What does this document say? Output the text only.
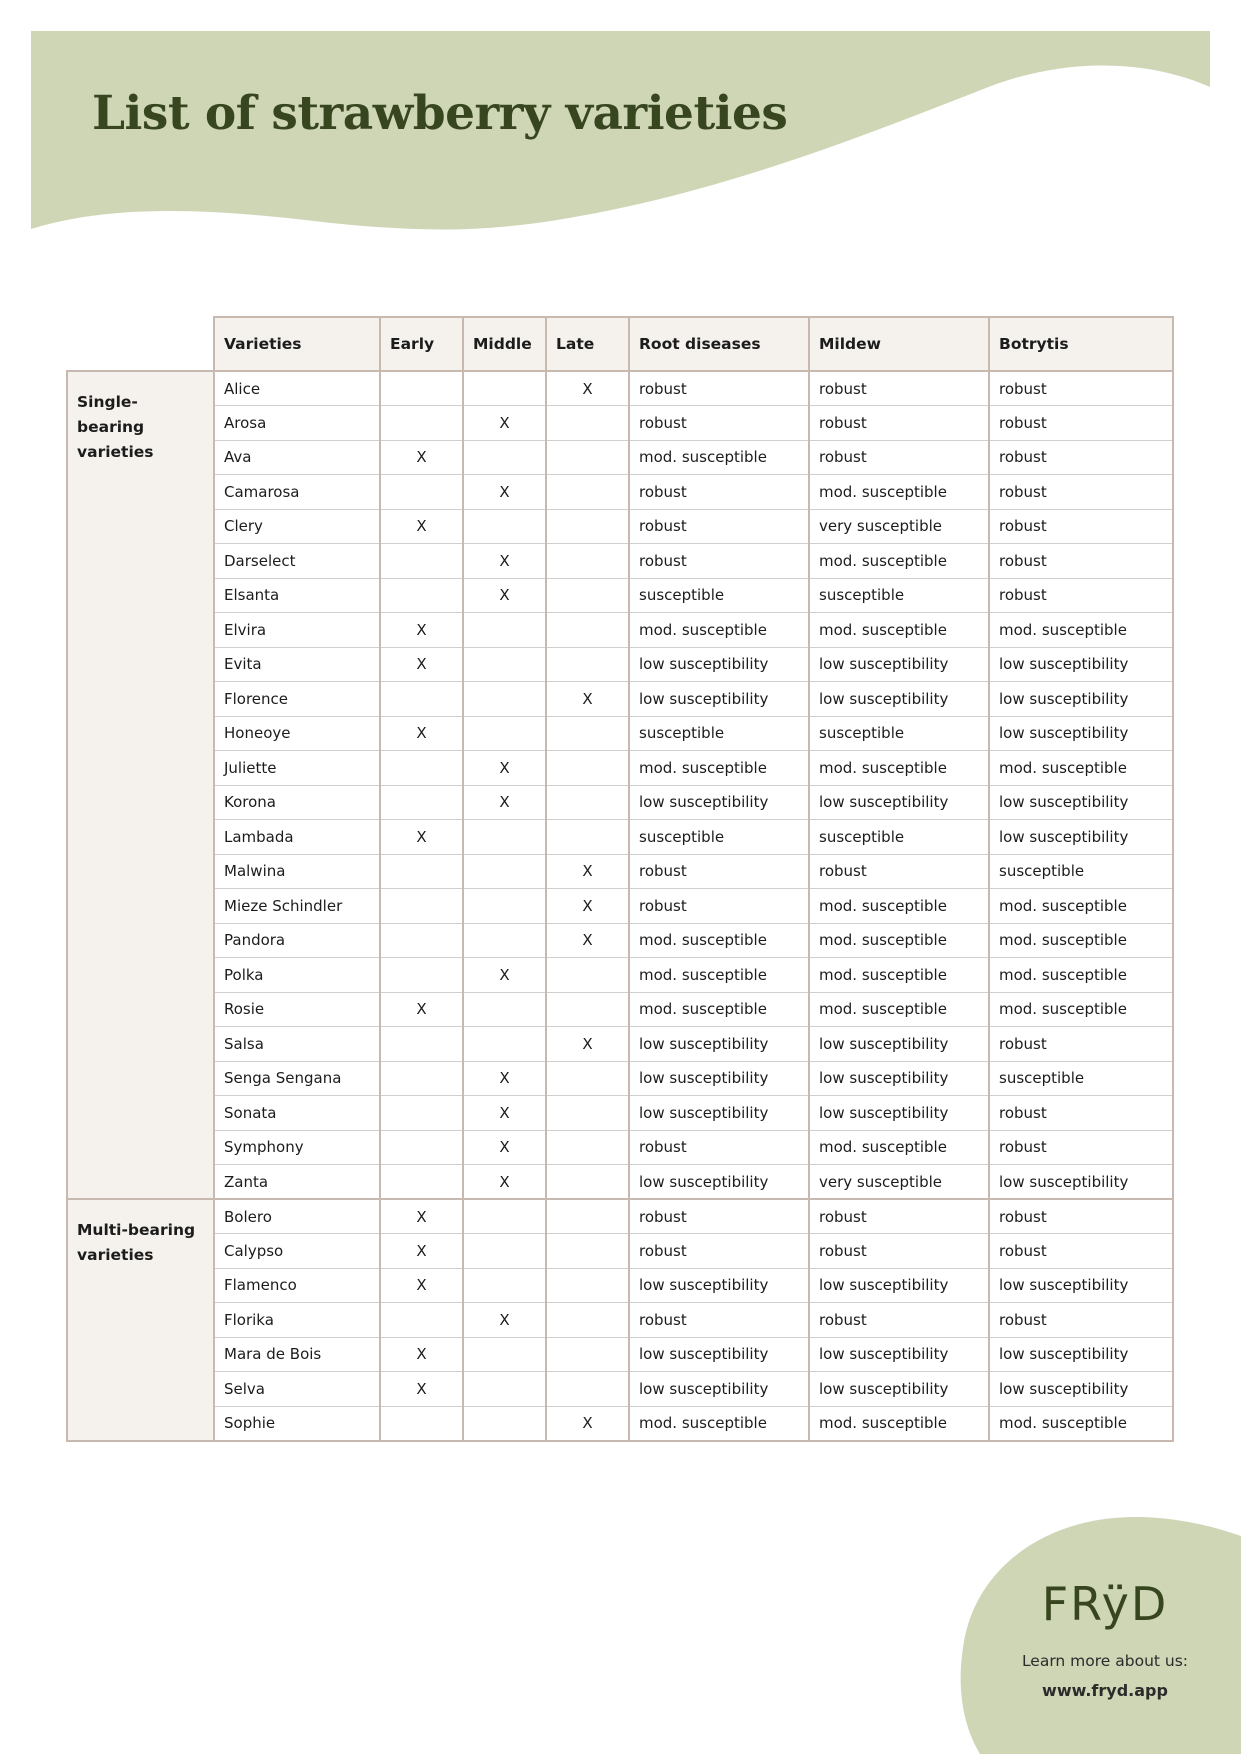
List of strawberry varieties
	Varieties	Early	Middle	Late	Root diseases	Mildew	Botrytis
Single-bearing varieties	Alice			X	robust	robust	robust
	Arosa		X		robust	robust	robust
	Ava	X			mod. susceptible	robust	robust
	Camarosa		X		robust	mod. susceptible	robust
	Clery	X			robust	very susceptible	robust
	Darselect		X		robust	mod. susceptible	robust
	Elsanta		X		susceptible	susceptible	robust
	Elvira	X			mod. susceptible	mod. susceptible	mod. susceptible
	Evita	X			low susceptibility	low susceptibility	low susceptibility
	Florence			X	low susceptibility	low susceptibility	low susceptibility
	Honeoye	X			susceptible	susceptible	low susceptibility
	Juliette		X		mod. susceptible	mod. susceptible	mod. susceptible
	Korona		X		low susceptibility	low susceptibility	low susceptibility
	Lambada	X			susceptible	susceptible	low susceptibility
	Malwina			X	robust	robust	susceptible
	Mieze Schindler			X	robust	mod. susceptible	mod. susceptible
	Pandora			X	mod. susceptible	mod. susceptible	mod. susceptible
	Polka		X		mod. susceptible	mod. susceptible	mod. susceptible
	Rosie	X			mod. susceptible	mod. susceptible	mod. susceptible
	Salsa			X	low susceptibility	low susceptibility	robust
	Senga Sengana		X		low susceptibility	low susceptibility	susceptible
	Sonata		X		low susceptibility	low susceptibility	robust
	Symphony		X		robust	mod. susceptible	robust
	Zanta		X		low susceptibility	very susceptible	low susceptibility
Multi-bearing varieties	Bolero	X			robust	robust	robust
	Calypso	X			robust	robust	robust
	Flamenco	X			low susceptibility	low susceptibility	low susceptibility
	Florika		X		robust	robust	robust
	Mara de Bois	X			low susceptibility	low susceptibility	low susceptibility
	Selva	X			low susceptibility	low susceptibility	low susceptibility
	Sophie			X	mod. susceptible	mod. susceptible	mod. susceptible
FRÿD
Learn more about us:
www.fryd.app
